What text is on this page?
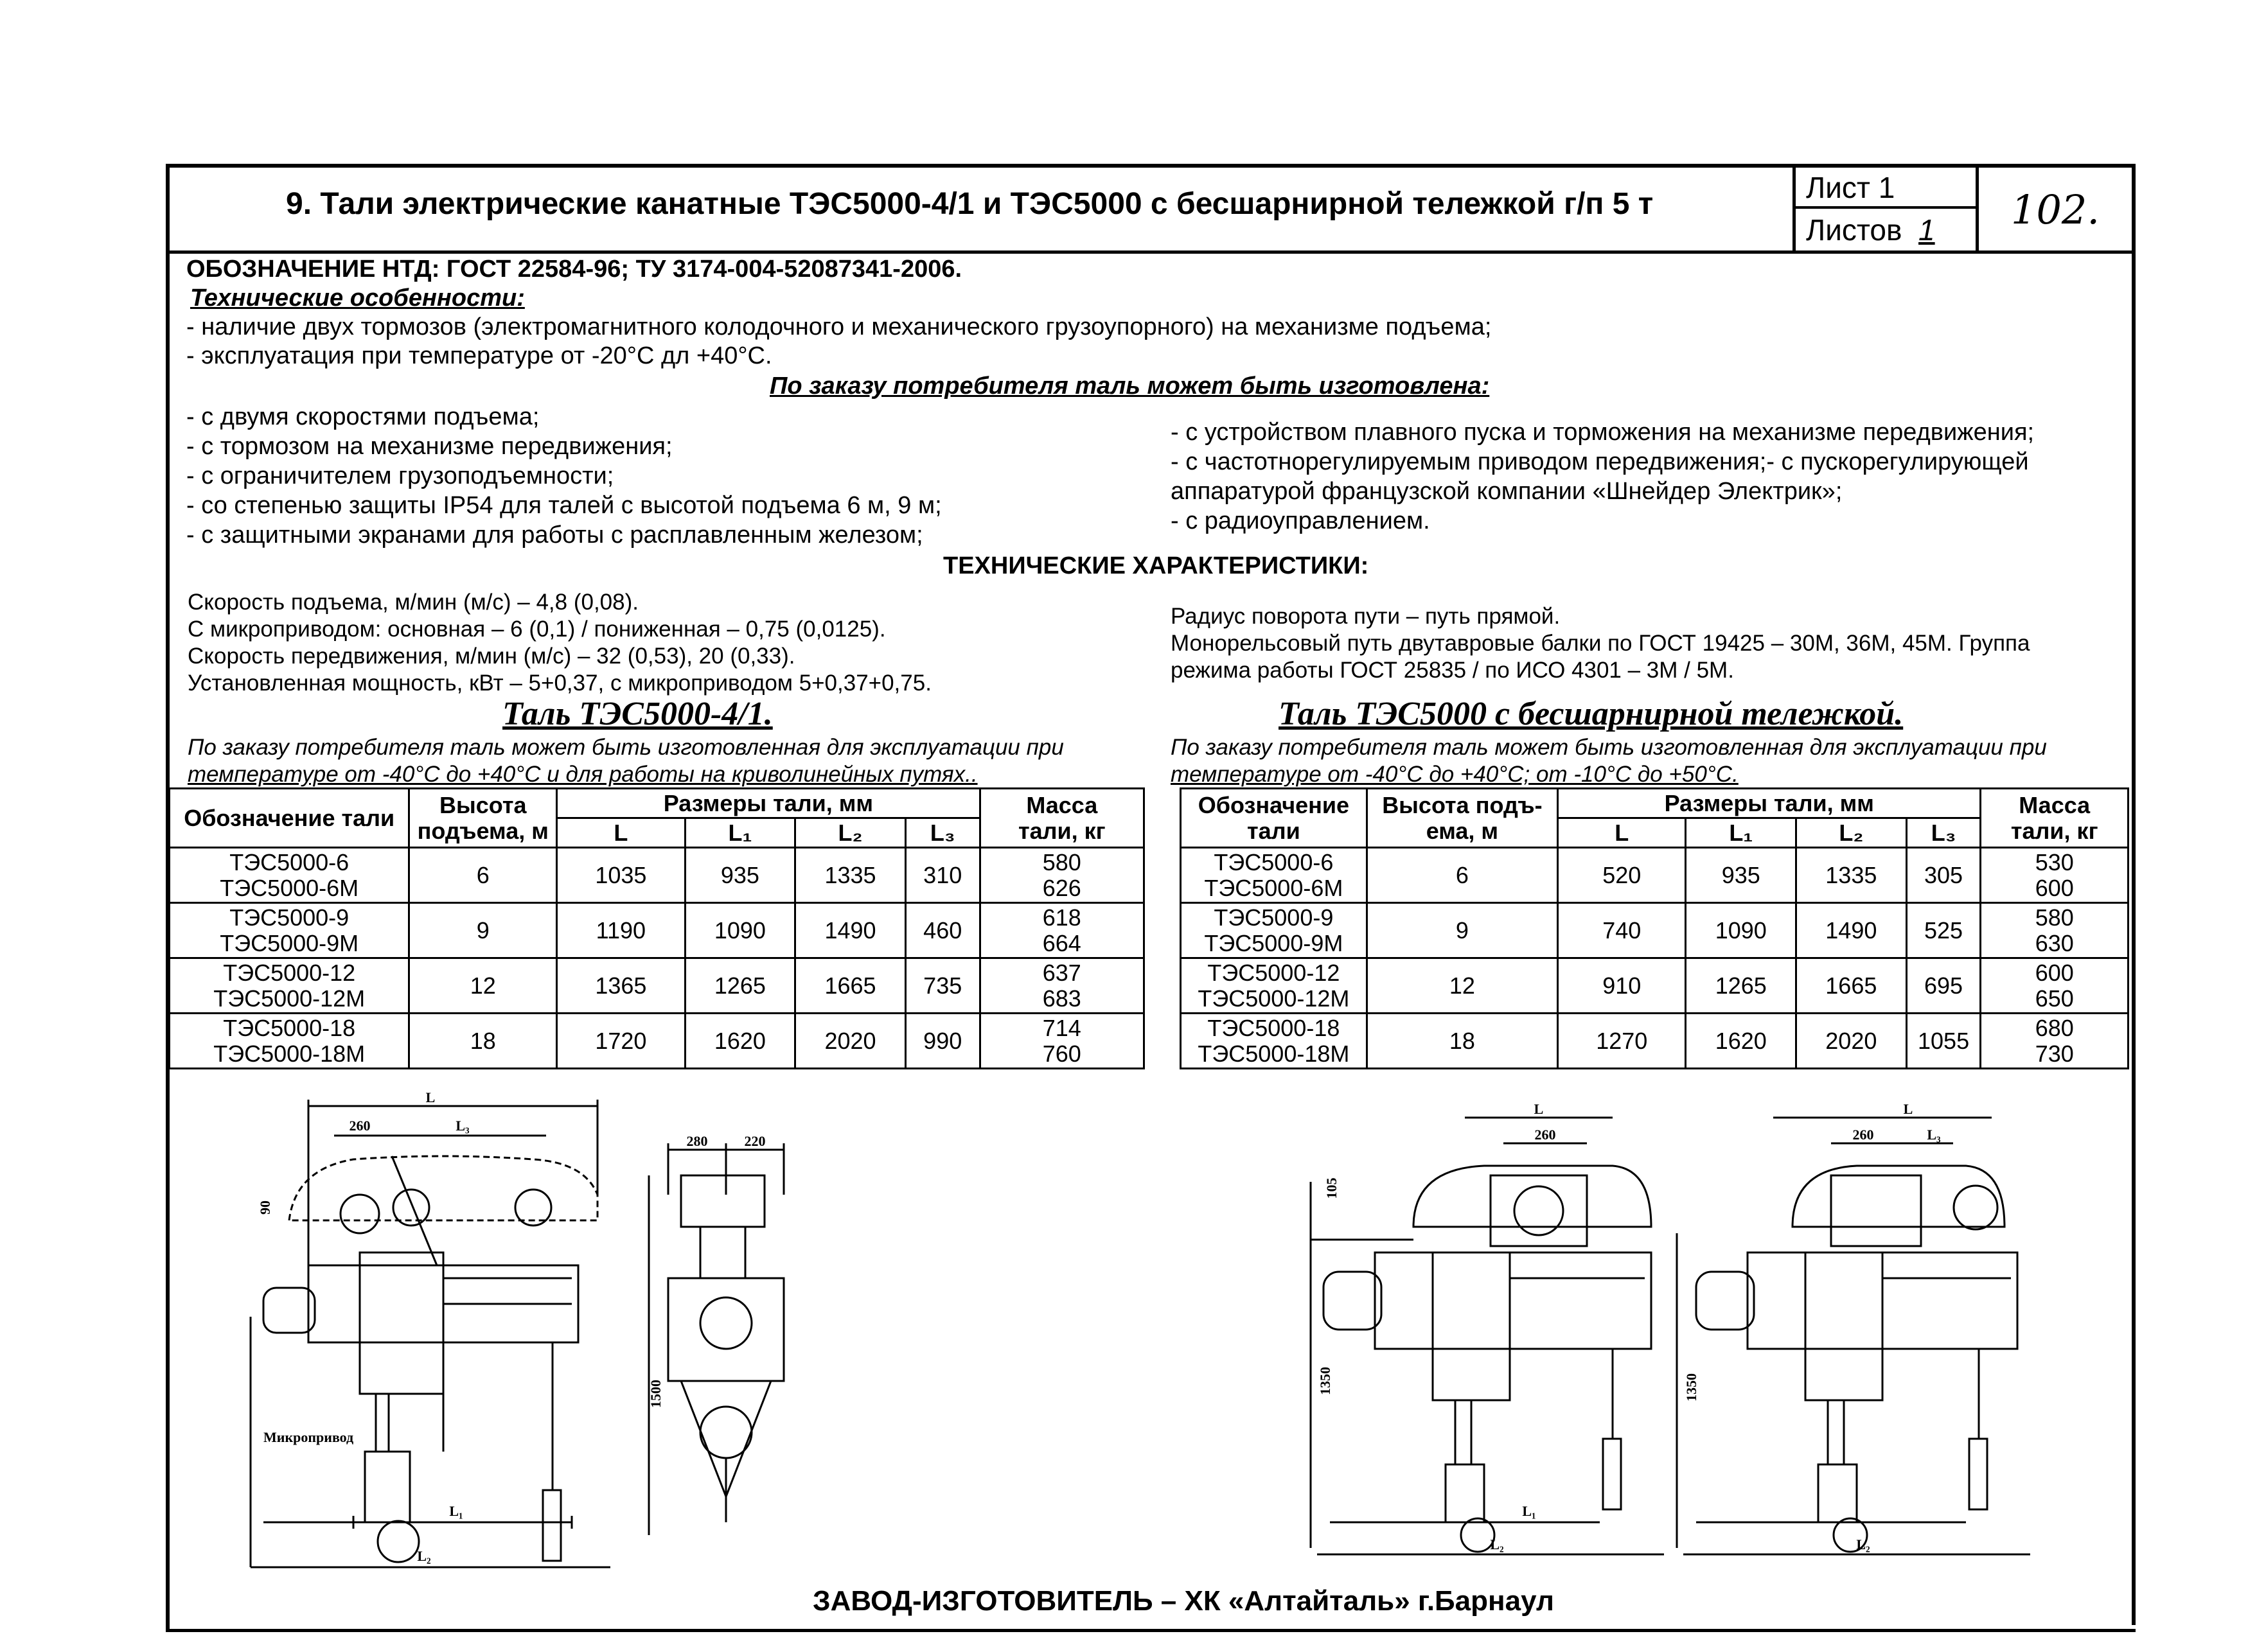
9. Тали электрические канатные ТЭС5000-4/1 и ТЭС5000 с бесшарнирной тележкой г/п 5 т	Лист 1
Листов 1 102.
ОБОЗНАЧЕНИЕ НТД: ГОСТ 22584-96; ТУ 3174-004-52087341-2006.
Технические особенности:
- наличие двух тормозов (электромагнитного колодочного и механического грузоупорного) на механизме подъема;
- эксплуатация при температуре от -20°С дл +40°С.
По заказу потребителя таль может быть изготовлена:
- с двумя скоростями подъема;
- с тормозом на механизме передвижения;
- с ограничителем грузоподъемности;
- со степенью защиты IP54 для талей с высотой подъема 6 м, 9 м;
- с защитными экранами для работы с расплавленным железом;
- с устройством плавного пуска и торможения на механизме передвижения;
- с частотнорегулируемым приводом передвижения;- с пускорегулирующей
аппаратурой французской компании «Шнейдер Электрик»;
- с радиоуправлением.
ТЕХНИЧЕСКИЕ ХАРАКТЕРИСТИКИ:
Скорость подъема, м/мин (м/с) – 4,8 (0,08).
С микроприводом: основная – 6 (0,1) / пониженная – 0,75 (0,0125).
Скорость передвижения, м/мин (м/с) – 32 (0,53), 20 (0,33).
Установленная мощность, кВт – 5+0,37, с микроприводом 5+0,37+0,75.
Радиус поворота пути – путь прямой.
Монорельсовый путь двутавровые балки по ГОСТ 19425 – 30М, 36М, 45М. Группа
режима работы ГОСТ 25835 / по ИСО 4301 – 3М / 5М.
Таль ТЭС5000-4/1.
По заказу потребителя таль может быть изготовленная для эксплуатации при
температуре от -40°С до +40°С и для работы на криволинейных путях..
Обозначение тали	Высота
подъема, м	Размеры тали, мм				Масса
тали, кг
		L	L₁	L₂	L₃	
ТЭС5000-6
ТЭС5000-6М	6	1035	935	1335	310	580
626
ТЭС5000-9
ТЭС5000-9М	9	1190	1090	1490	460	618
664
ТЭС5000-12
ТЭС5000-12М	12	1365	1265	1665	735	637
683
ТЭС5000-18
ТЭС5000-18М	18	1720	1620	2020	990	714
760
Таль ТЭС5000 с бесшарнирной тележкой.
По заказу потребителя таль может быть изготовленная для эксплуатации при
температуре от -40°С до +40°С; от -10°С до +50°С.
Обозначение
тали	Высота подъ-
ема, м	Размеры тали, мм				Масса
тали, кг
		L	L₁	L₂	L₃	
ТЭС5000-6
ТЭС5000-6М	6	520	935	1335	305	530
600
ТЭС5000-9
ТЭС5000-9М	9	740	1090	1490	525	580
630
ТЭС5000-12
ТЭС5000-12М	12	910	1265	1665	695	600
650
ТЭС5000-18
ТЭС5000-18М	18	1270	1620	2020	1055	680
730
L
L₃
260
90
Микропривод
L₁
L₂
280	220
1500
L
260
105
1350
L₁
L₂
L
260	L₃
1350
L₂
ЗАВОД-ИЗГОТОВИТЕЛЬ – ХК «Алтайталь» г.Барнаул
